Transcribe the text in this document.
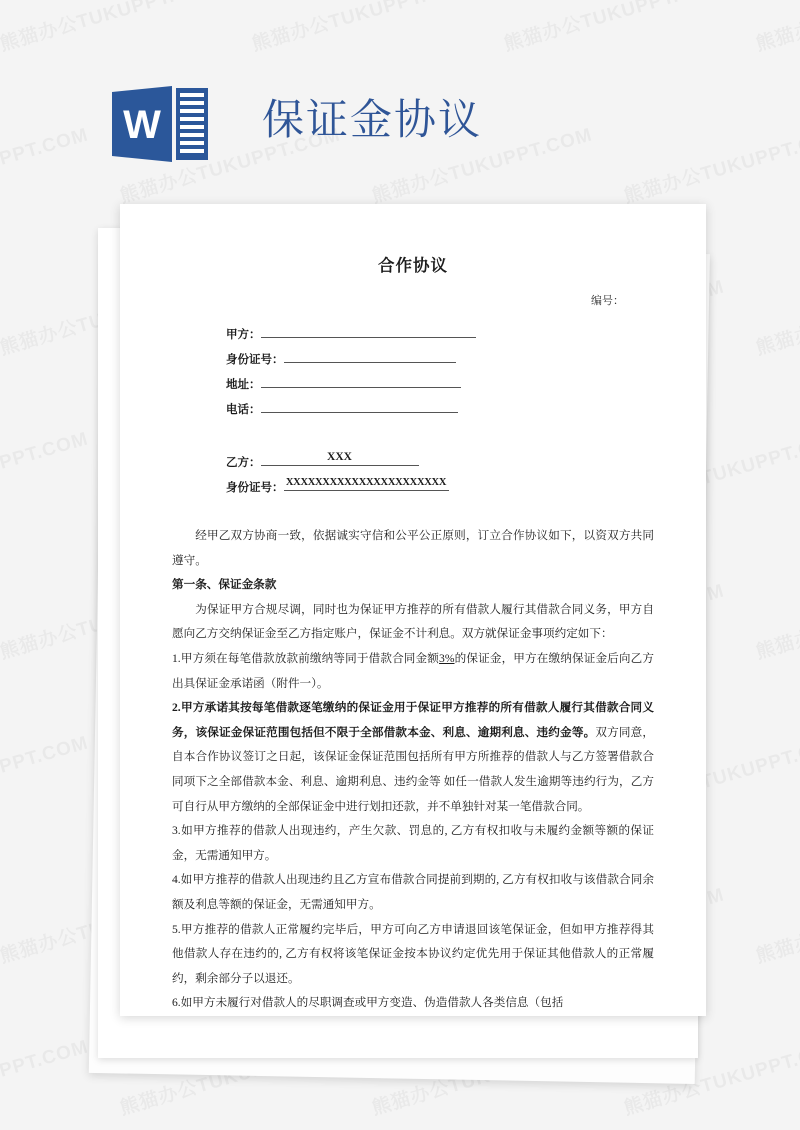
W 保证金协议
合作协议
编号：
甲方：
身份证号：
地址：
电话：
乙方：	XXX
身份证号： XXXXXXXXXXXXXXXXXXXXXX

经甲乙双方协商一致，依据诚实守信和公平公正原则，订立合作协议如下，以资双方共同遵守。

第一条、保证金条款

为保证甲方合规尽调，同时也为保证甲方推荐的所有借款人履行其借款合同义务，甲方自愿向乙方交纳保证金至乙方指定账户，保证金不计利息。双方就保证金事项约定如下：

1.甲方须在每笔借款放款前缴纳等同于借款合同金额3%的保证金，甲方在缴纳保证金后向乙方出具保证金承诺函（附件一）。

2.甲方承诺其按每笔借款逐笔缴纳的保证金用于保证甲方推荐的所有借款人履行其借款合同义务，该保证金保证范围包括但不限于全部借款本金、利息、逾期利息、违约金等。双方同意，自本合作协议签订之日起，该保证金保证范围包括所有甲方所推荐的借款人与乙方签署借款合同项下之全部借款本金、利息、逾期利息、违约金等 如任一借款人发生逾期等违约行为，乙方可自行从甲方缴纳的全部保证金中进行划扣还款，并不单独针对某一笔借款合同。

3.如甲方推荐的借款人出现违约，产生欠款、罚息的, 乙方有权扣收与未履约金额等额的保证金，无需通知甲方。

4.如甲方推荐的借款人出现违约且乙方宣布借款合同提前到期的, 乙方有权扣收与该借款合同余额及利息等额的保证金，无需通知甲方。

5.甲方推荐的借款人正常履约完毕后，甲方可向乙方申请退回该笔保证金，但如甲方推荐得其他借款人存在违约的, 乙方有权将该笔保证金按本协议约定优先用于保证其他借款人的正常履约，剩余部分子以退还。

6.如甲方未履行对借款人的尽职调查或甲方变造、伪造借款人各类信息（包括
